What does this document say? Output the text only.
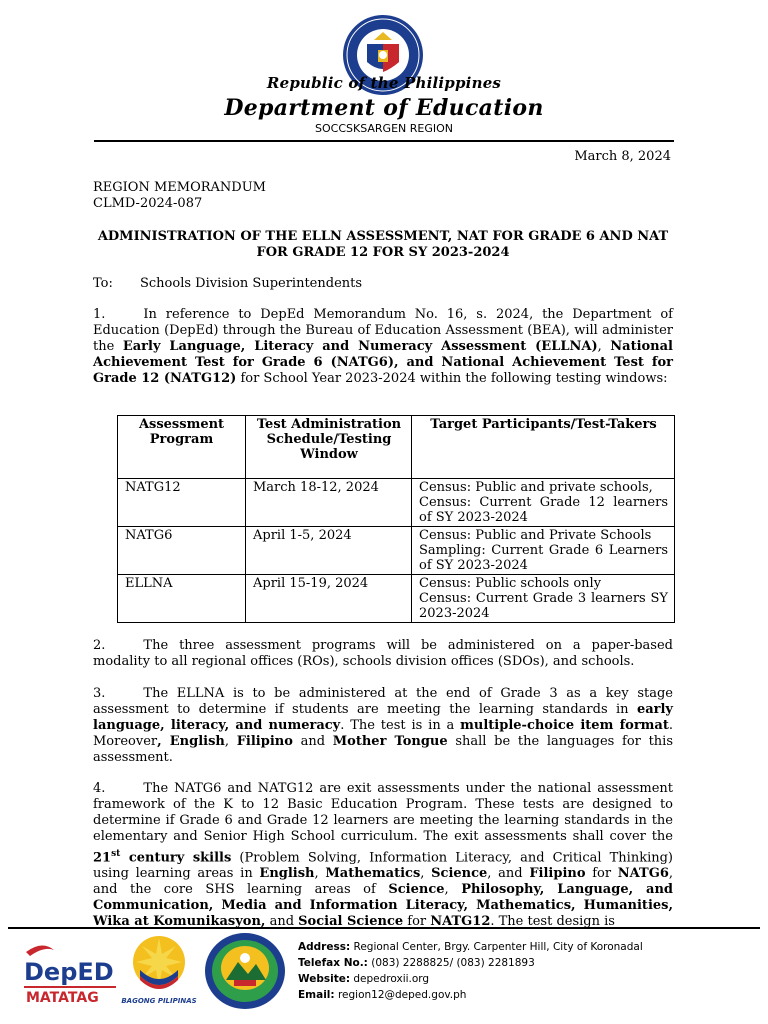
Republic of the Philippines
Department of Education
SOCCSKSARGEN REGION
March 8, 2024
REGION MEMORANDUM
CLMD-2024-087
ADMINISTRATION OF THE ELLN ASSESSMENT, NAT FOR GRADE 6 AND NAT
FOR GRADE 12 FOR SY 2023-2024
To: Schools Division Superintendents
1.	In reference to DepEd Memorandum No. 16, s. 2024, the Department of Education (DepEd) through the Bureau of Education Assessment (BEA), will administer the Early Language, Literacy and Numeracy Assessment (ELLNA), National Achievement Test for Grade 6 (NATG6), and National Achievement Test for Grade 12 (NATG12) for School Year 2023-2024 within the following testing windows:
Assessment Program	Test Administration Schedule/Testing Window	Target Participants/Test-Takers
NATG12	March 18-12, 2024	Census: Public and private schools,
Census: Current Grade 12 learners of SY 2023-2024
NATG6	April 1-5, 2024	Census: Public and Private Schools
Sampling: Current Grade 6 Learners of SY 2023-2024
ELLNA	April 15-19, 2024	Census: Public schools only
Census: Current Grade 3 learners SY 2023-2024
2.	The three assessment programs will be administered on a paper-based modality to all regional offices (ROs), schools division offices (SDOs), and schools.
3.	The ELLNA is to be administered at the end of Grade 3 as a key stage assessment to determine if students are meeting the learning standards in early language, literacy, and numeracy. The test is in a multiple-choice item format. Moreover, English, Filipino and Mother Tongue shall be the languages for this assessment.
4.	The NATG6 and NATG12 are exit assessments under the national assessment framework of the K to 12 Basic Education Program. These tests are designed to determine if Grade 6 and Grade 12 learners are meeting the learning standards in the elementary and Senior High School curriculum. The exit assessments shall cover the 21st century skills (Problem Solving, Information Literacy, and Critical Thinking) using learning areas in English, Mathematics, Science, and Filipino for NATG6, and the core SHS learning areas of Science, Philosophy, Language, and Communication, Media and Information Literacy, Mathematics, Humanities, Wika at Komunikasyon, and Social Science for NATG12. The test design is
DepED
MATATAG	BAGONG PILIPINAS
Address: Regional Center, Brgy. Carpenter Hill, City of Koronadal
Telefax No.: (083) 2288825/ (083) 2281893
Website: depedroxii.org
Email: region12@deped.gov.ph
